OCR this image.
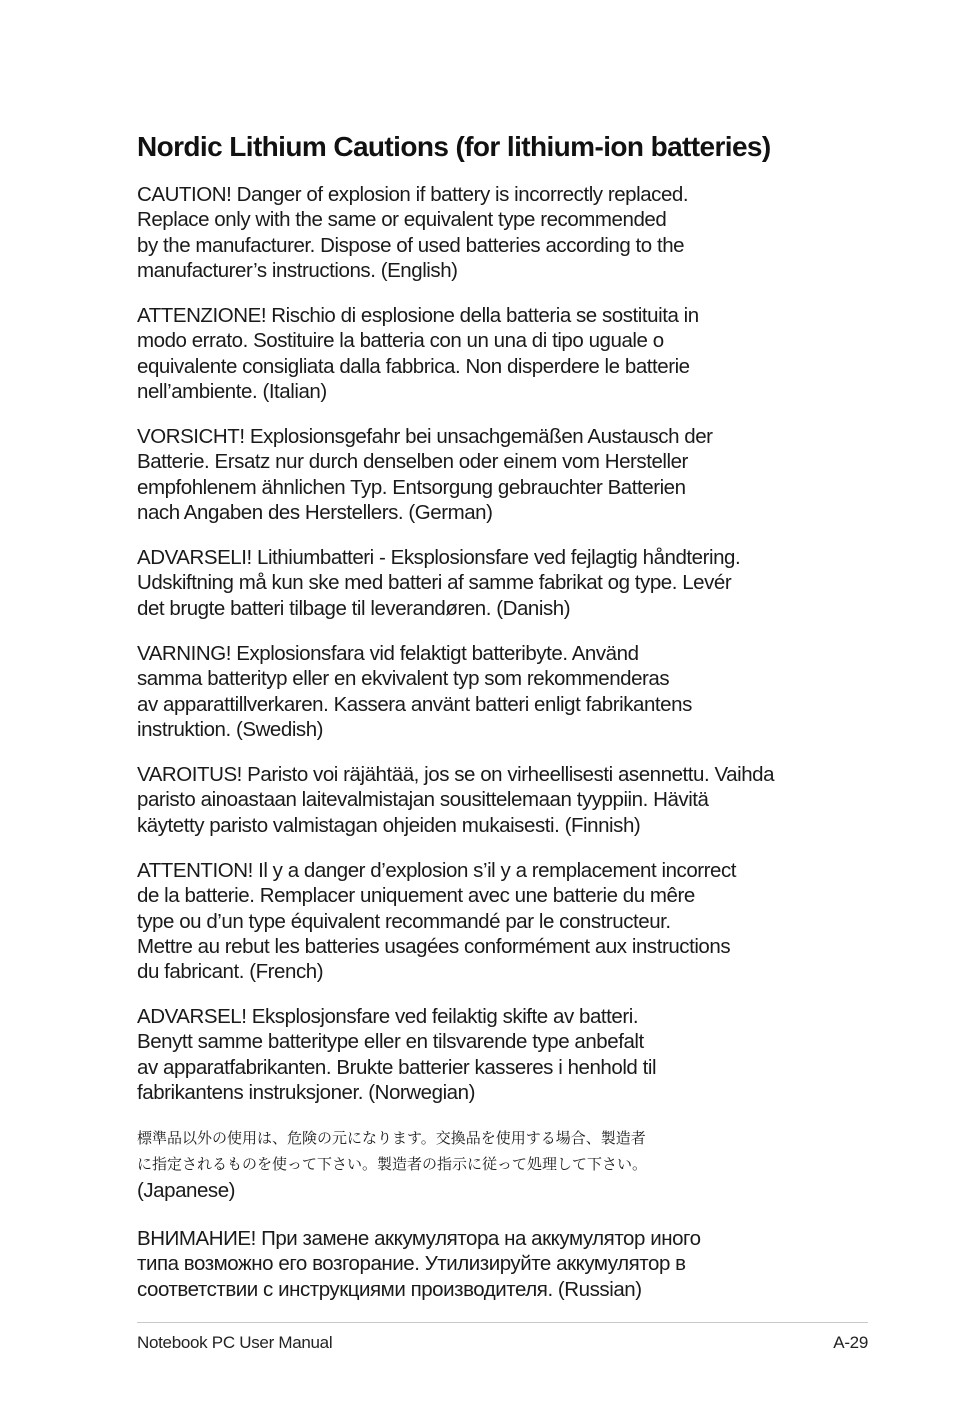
Nordic Lithium Cautions (for lithium-ion batteries)
CAUTION! Danger of explosion if battery is incorrectly replaced.
Replace only with the same or equivalent type recommended
by the manufacturer. Dispose of used batteries according to the
manufacturer’s instructions. (English)
ATTENZIONE! Rischio di esplosione della batteria se sostituita in
modo errato. Sostituire la batteria con un una di tipo uguale o
equivalente consigliata dalla fabbrica. Non disperdere le batterie
nell’ambiente. (Italian)
VORSICHT! Explosionsgefahr bei unsachgemäßen Austausch der
Batterie. Ersatz nur durch denselben oder einem vom Hersteller
empfohlenem ähnlichen Typ. Entsorgung gebrauchter Batterien
nach Angaben des Herstellers. (German)
ADVARSELI! Lithiumbatteri - Eksplosionsfare ved fejlagtig håndtering.
Udskiftning må kun ske med batteri af samme fabrikat og type. Levér
det brugte batteri tilbage til leverandøren. (Danish)
VARNING! Explosionsfara vid felaktigt batteribyte. Använd
samma batterityp eller en ekvivalent typ som rekommenderas
av apparattillverkaren. Kassera använt batteri enligt fabrikantens
instruktion. (Swedish)
VAROITUS! Paristo voi räjähtää, jos se on virheellisesti asennettu. Vaihda
paristo ainoastaan laitevalmistajan sousittelemaan tyyppiin. Hävitä
käytetty paristo valmistagan ohjeiden mukaisesti. (Finnish)
ATTENTION! Il y a danger d’explosion s’il y a remplacement incorrect
de la batterie. Remplacer uniquement avec une batterie du mêre
type ou d’un type équivalent recommandé par le constructeur.
Mettre au rebut les batteries usagées conformément aux instructions
du fabricant. (French)
ADVARSEL! Eksplosjonsfare ved feilaktig skifte av batteri.
Benytt samme batteritype eller en tilsvarende type anbefalt
av apparatfabrikanten. Brukte batterier kasseres i henhold til
fabrikantens instruksjoner. (Norwegian)
標準品以外の使用は、危険の元になります。交換品を使用する場合、製造者
に指定されるものを使って下さい。製造者の指示に従って処理して下さい。
(Japanese)
ВНИМАНИЕ! При замене аккумулятора на аккумулятор иного
типа возможно его возгорание. Утилизируйте аккумулятор в
соответствии с инструкциями производителя. (Russian)
Notebook PC User Manual	A-29
